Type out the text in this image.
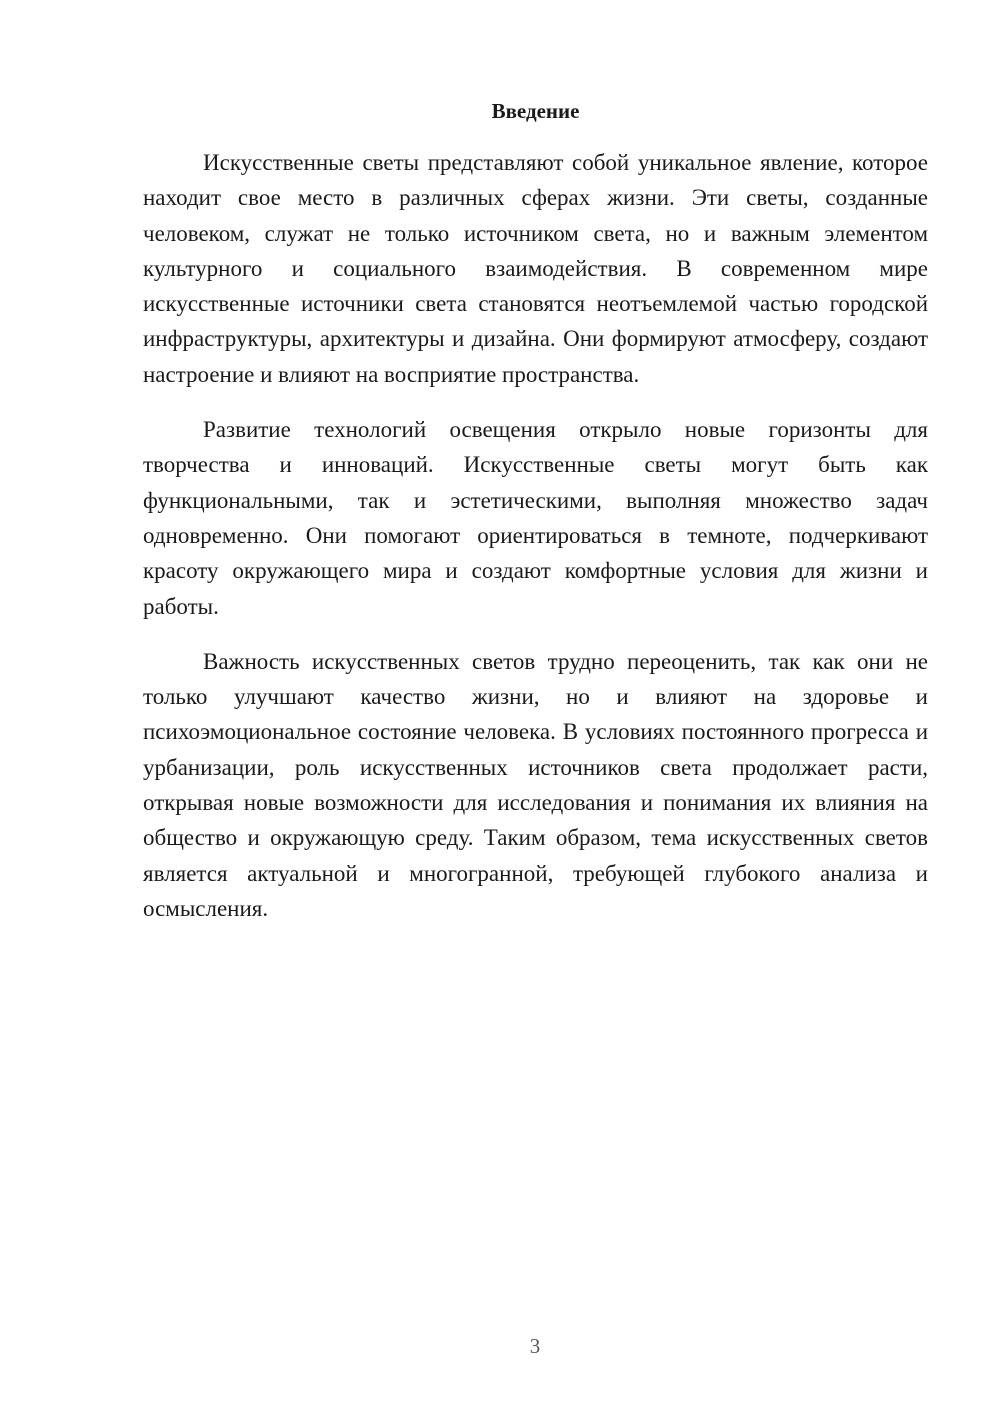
Введение

Искусственные светы представляют собой уникальное явление, которое находит свое место в различных сферах жизни. Эти светы, созданные человеком, служат не только источником света, но и важным элементом культурного и социального взаимодействия. В современном мире искусственные источники света становятся неотъемлемой частью городской инфраструктуры, архитектуры и дизайна. Они формируют атмосферу, создают настроение и влияют на восприятие пространства.

Развитие технологий освещения открыло новые горизонты для творчества и инноваций. Искусственные светы могут быть как функциональными, так и эстетическими, выполняя множество задач одновременно. Они помогают ориентироваться в темноте, подчеркивают красоту окружающего мира и создают комфортные условия для жизни и работы.

Важность искусственных светов трудно переоценить, так как они не только улучшают качество жизни, но и влияют на здоровье и психоэмоциональное состояние человека. В условиях постоянного прогресса и урбанизации, роль искусственных источников света продолжает расти, открывая новые возможности для исследования и понимания их влияния на общество и окружающую среду. Таким образом, тема искусственных светов является актуальной и многогранной, требующей глубокого анализа и осмысления.

3
